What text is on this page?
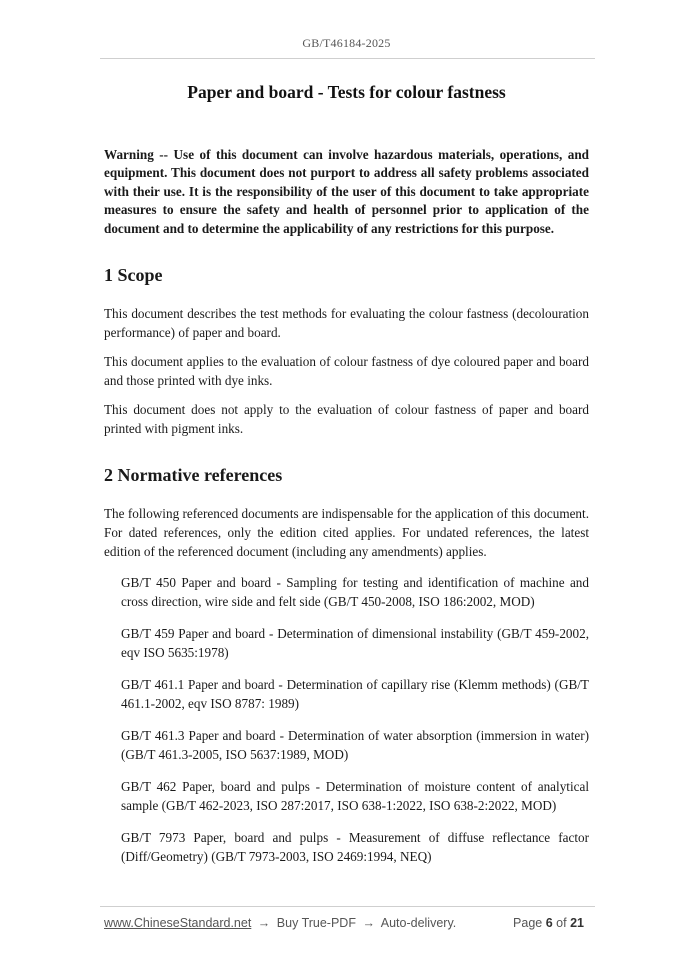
GB/T46184-2025
Paper and board - Tests for colour fastness

Warning -- Use of this document can involve hazardous materials, operations, and equipment. This document does not purport to address all safety problems associated with their use. It is the responsibility of the user of this document to take appropriate measures to ensure the safety and health of personnel prior to application of the document and to determine the applicability of any restrictions for this purpose.

1 Scope

This document describes the test methods for evaluating the colour fastness (decolouration performance) of paper and board.

This document applies to the evaluation of colour fastness of dye coloured paper and board and those printed with dye inks.

This document does not apply to the evaluation of colour fastness of paper and board printed with pigment inks.

2 Normative references

The following referenced documents are indispensable for the application of this document. For dated references, only the edition cited applies. For undated references, the latest edition of the referenced document (including any amendments) applies.

GB/T 450 Paper and board - Sampling for testing and identification of machine and cross direction, wire side and felt side (GB/T 450-2008, ISO 186:2002, MOD)
GB/T 459 Paper and board - Determination of dimensional instability (GB/T 459-2002, eqv ISO 5635:1978)
GB/T 461.1 Paper and board - Determination of capillary rise (Klemm methods) (GB/T 461.1-2002, eqv ISO 8787: 1989)
GB/T 461.3 Paper and board - Determination of water absorption (immersion in water) (GB/T 461.3-2005, ISO 5637:1989, MOD)
GB/T 462 Paper, board and pulps - Determination of moisture content of analytical sample (GB/T 462-2023, ISO 287:2017, ISO 638-1:2022, ISO 638-2:2022, MOD)
GB/T 7973 Paper, board and pulps - Measurement of diffuse reflectance factor (Diff/Geometry) (GB/T 7973-2003, ISO 2469:1994, NEQ)
www.ChineseStandard.net → Buy True-PDF → Auto-delivery.	Page 6 of 21
